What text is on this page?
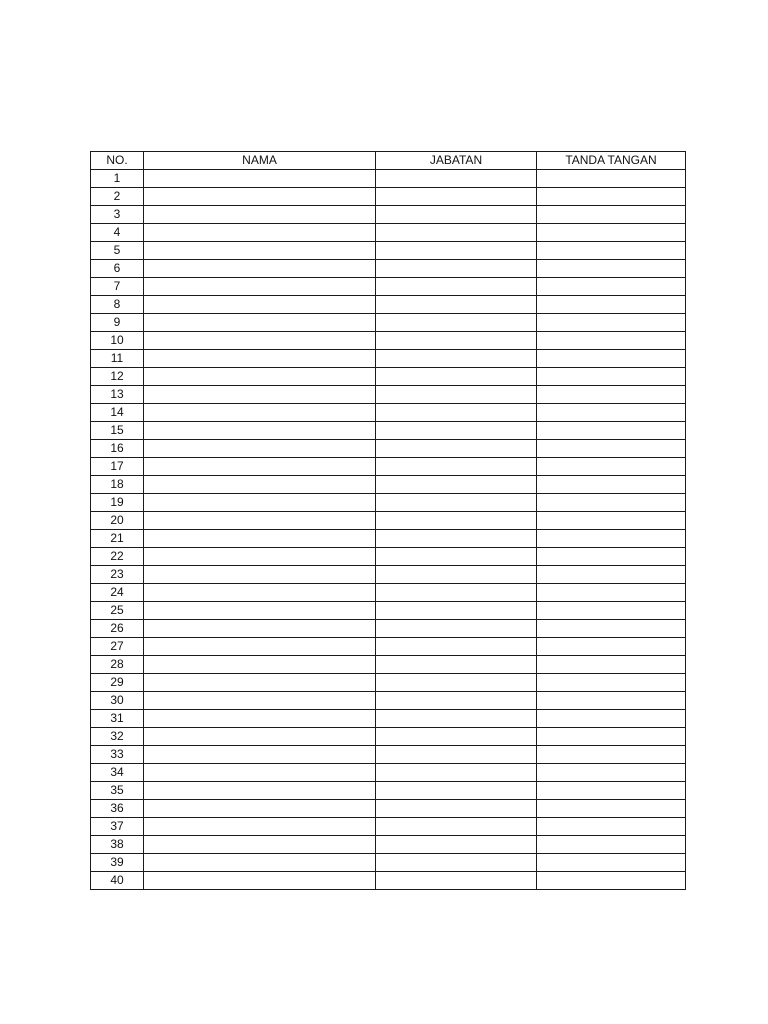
NO.	NAMA	JABATAN	TANDA TANGAN
1			
2			
3			
4			
5			
6			
7			
8			
9			
10			
11			
12			
13			
14			
15			
16			
17			
18			
19			
20			
21			
22			
23			
24			
25			
26			
27			
28			
29			
30			
31			
32			
33			
34			
35			
36			
37			
38			
39			
40			
